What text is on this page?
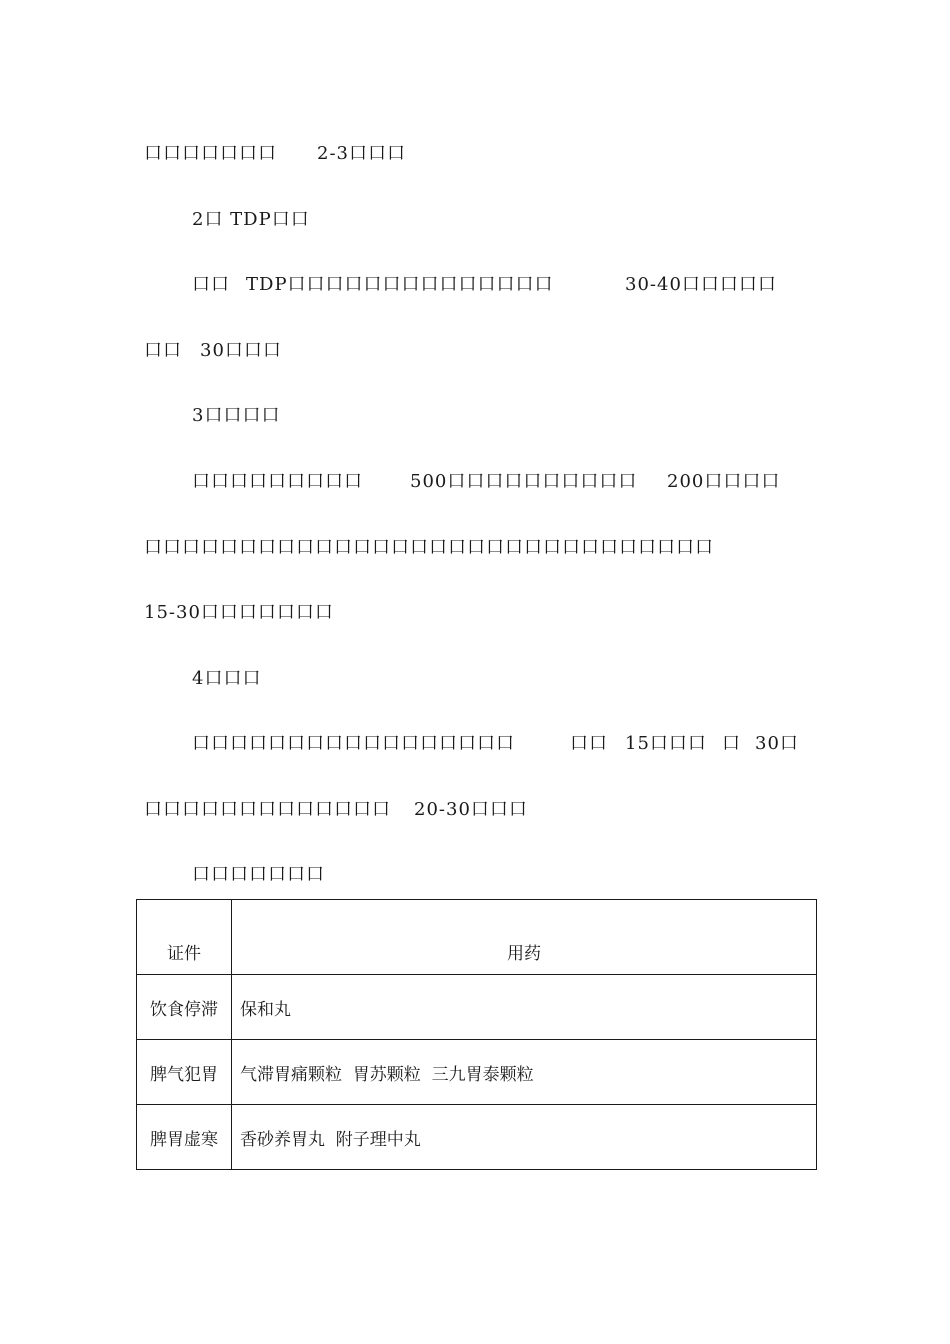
口口口口口口口

2-3口口口

2口 TDP口口

口口

TDP口口口口口口口口口口口口口口

	30-40口口口口口

口口

30口口口

3口口口口

口口口口口口口口口

	500口口口口口口口口口口

200口口口口

口口口口口口口口口口口口口口口口口口口口口口口口口口口口口口

15-30口口口口口口口

4口口口

口口口口口口口口口口口口口口口口口

	口口

15口口口

口

30口

口口口口口口口口口口口口口

20-30口口口

口口口口口口口

证件	用药
饮食停滞	保和丸
脾气犯胃	气滞胃痛颗粒  胃苏颗粒  三九胃泰颗粒
脾胃虚寒	香砂养胃丸  附子理中丸
